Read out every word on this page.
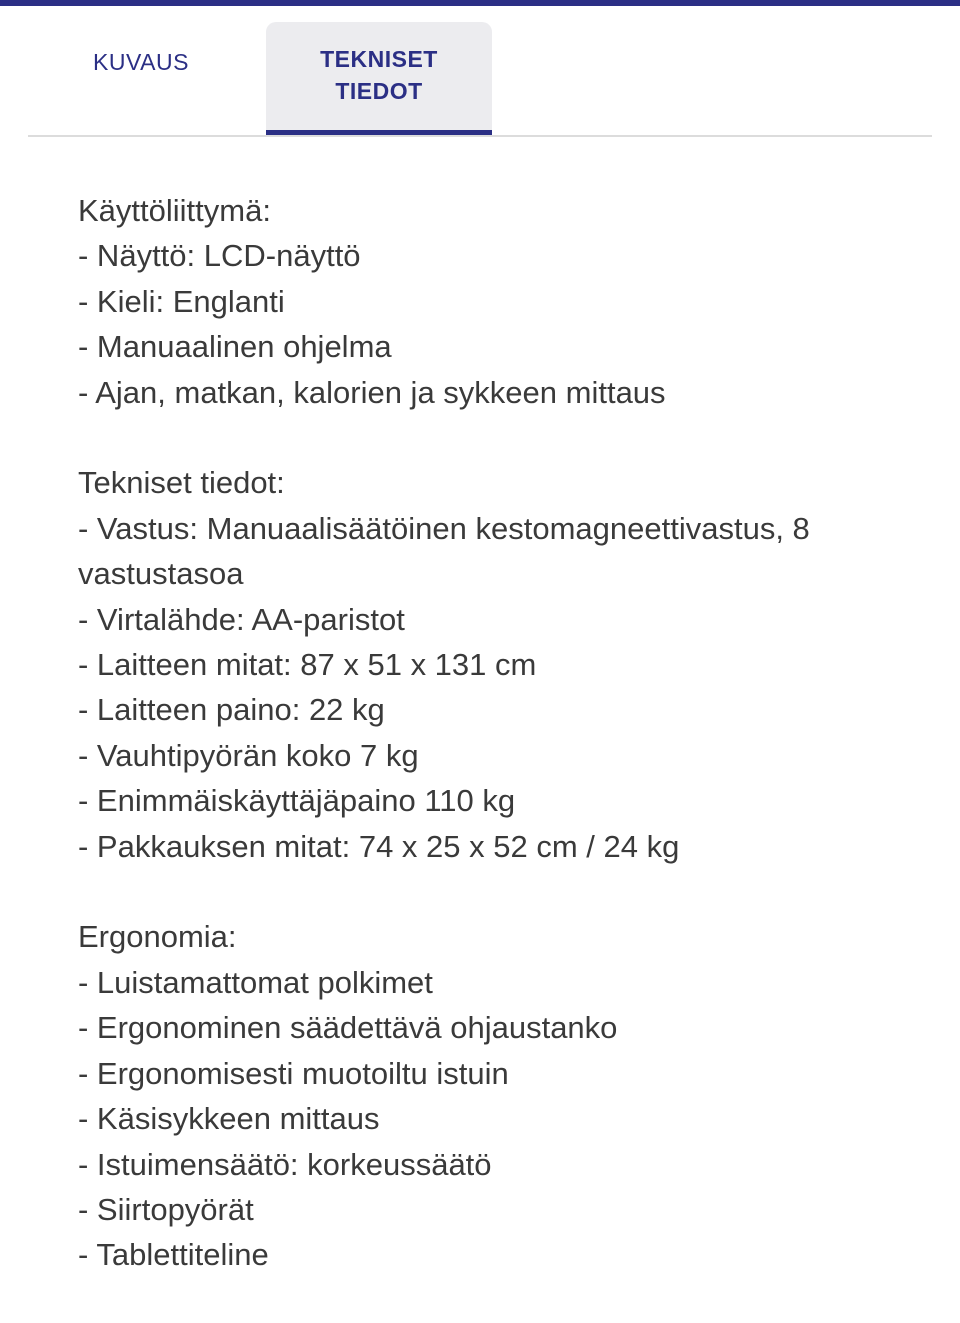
KUVAUS	TEKNISET TIEDOT

Käyttöliittymä:

- Näyttö: LCD-näyttö

- Kieli: Englanti

- Manuaalinen ohjelma

- Ajan, matkan, kalorien ja sykkeen mittaus

Tekniset tiedot:

- Vastus: Manuaalisäätöinen kestomagneettivastus, 8 vastustasoa

- Virtalähde: AA-paristot

- Laitteen mitat: 87 x 51 x 131 cm

- Laitteen paino: 22 kg

- Vauhtipyörän koko 7 kg

- Enimmäiskäyttäjäpaino 110 kg

- Pakkauksen mitat: 74 x 25 x 52 cm / 24 kg

Ergonomia:

- Luistamattomat polkimet

- Ergonominen säädettävä ohjaustanko

- Ergonomisesti muotoiltu istuin

- Käsisykkeen mittaus

- Istuimensäätö: korkeussäätö

- Siirtopyörät

- Tablettiteline
